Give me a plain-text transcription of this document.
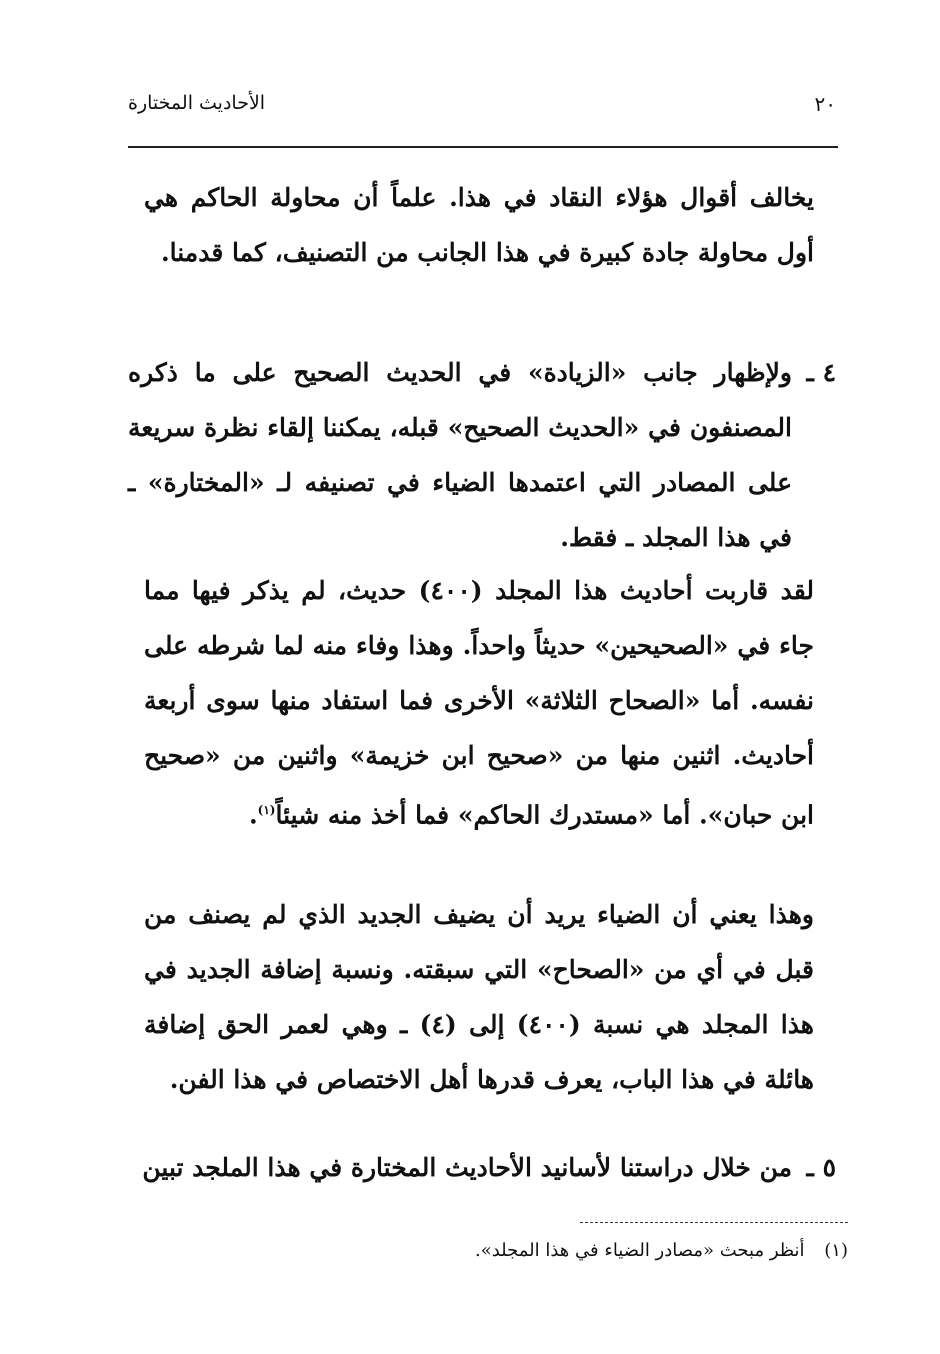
٢٠
الأحاديث المختارة
يخالف أقوال هؤلاء النقاد في هذا. علماً أن محاولة الحاكم هي أول محاولة جادة كبيرة في هذا الجانب من التصنيف، كما قدمنا.
٤ ـ
ولإظهار جانب «الزيادة» في الحديث الصحيح على ما ذكره المصنفون في «الحديث الصحيح» قبله، يمكننا إلقاء نظرة سريعة على المصادر التي اعتمدها الضياء في تصنيفه لـ «المختارة» ـ في هذا المجلد ـ فقط.
لقد قاربت أحاديث هذا المجلد (٤٠٠) حديث، لم يذكر فيها مما جاء في «الصحيحين» حديثاً واحداً. وهذا وفاء منه لما شرطه على نفسه. أما «الصحاح الثلاثة» الأخرى فما استفاد منها سوى أربعة أحاديث. اثنين منها من «صحيح ابن خزيمة» واثنين من «صحيح ابن حبان». أما «مستدرك الحاكم» فما أخذ منه شيئاً$^{(١)}$.
وهذا يعني أن الضياء يريد أن يضيف الجديد الذي لم يصنف من قبل في أي من «الصحاح» التي سبقته. ونسبة إضافة الجديد في هذا المجلد هي نسبة (٤٠٠) إلى (٤) ـ وهي لعمر الحق إضافة هائلة في هذا الباب، يعرف قدرها أهل الاختصاص في هذا الفن.
٥ ـ
من خلال دراستنا لأسانيد الأحاديث المختارة في هذا الملجد تبين
(١) أنظر مبحث «مصادر الضياء في هذا المجلد».
